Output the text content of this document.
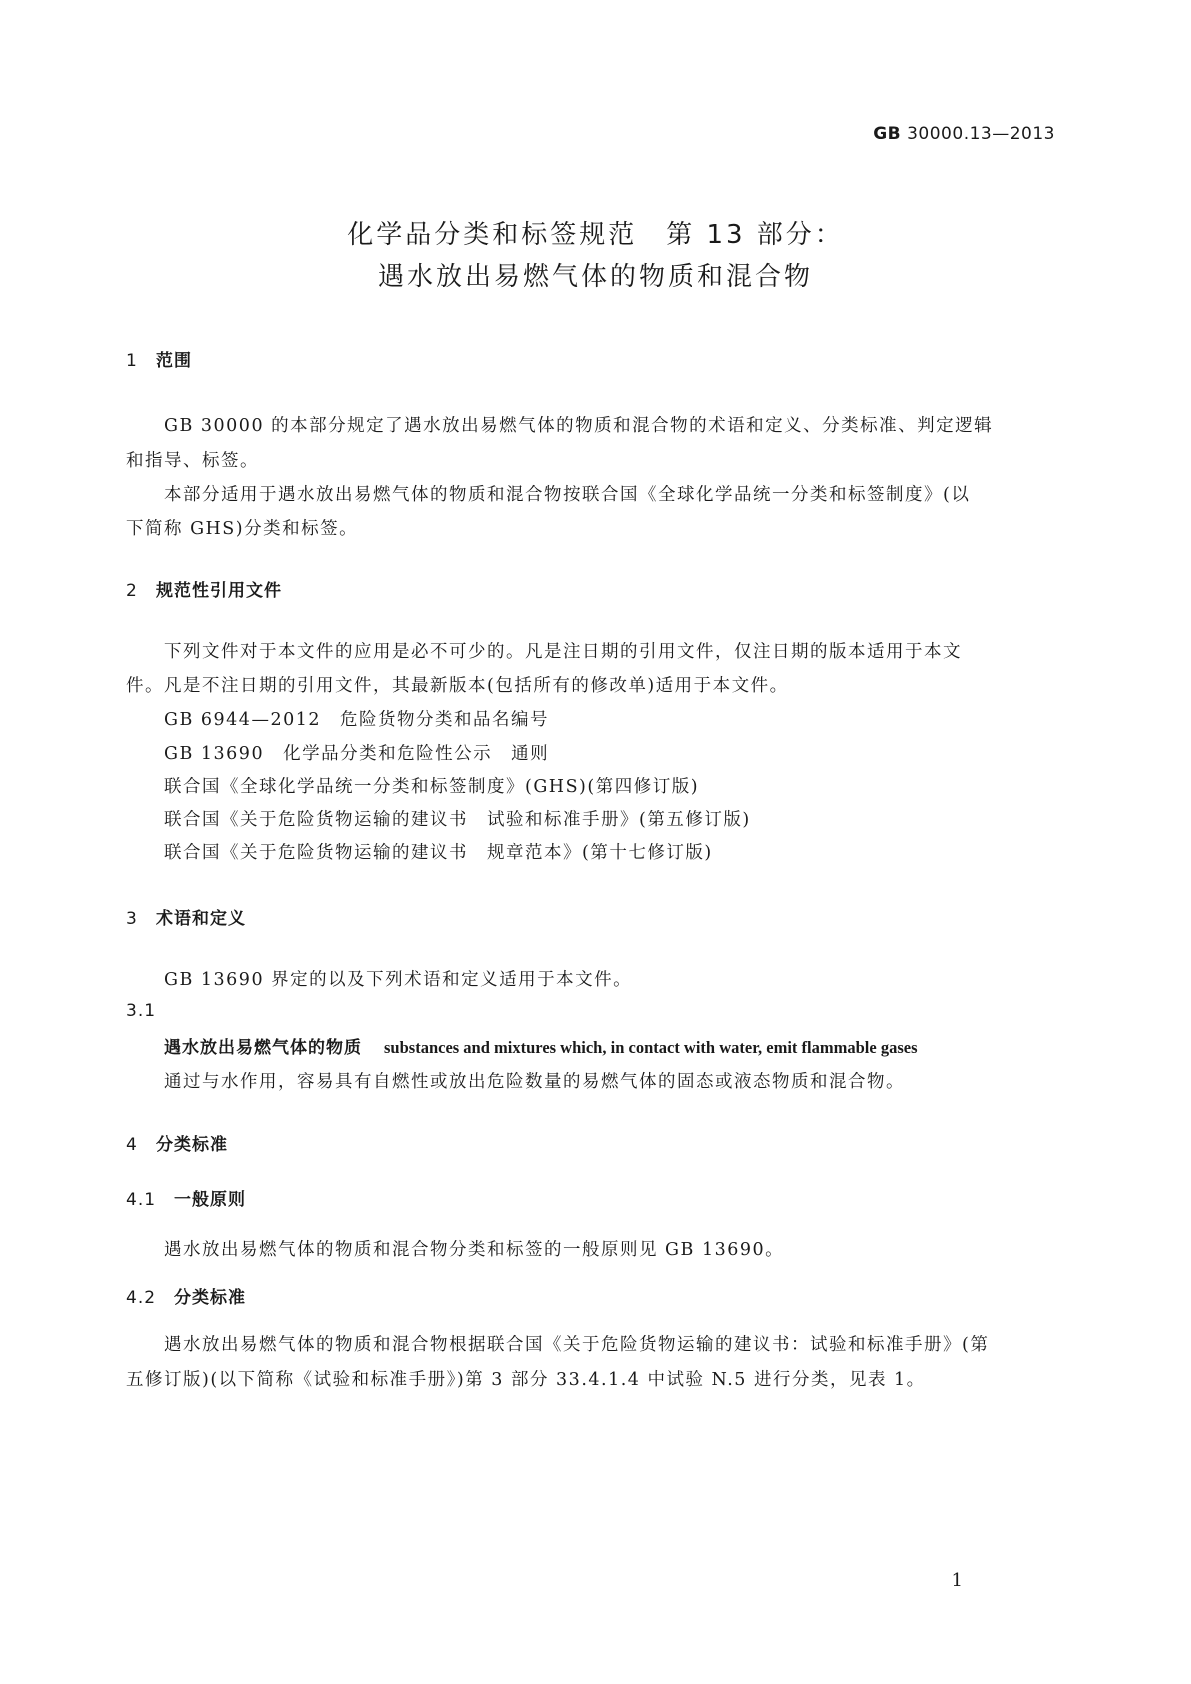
GB 30000.13—2013
化学品分类和标签规范　第 13 部分：
遇水放出易燃气体的物质和混合物
1 范围
GB 30000 的本部分规定了遇水放出易燃气体的物质和混合物的术语和定义、分类标准、判定逻辑
和指导、标签。
本部分适用于遇水放出易燃气体的物质和混合物按联合国《全球化学品统一分类和标签制度》(以
下简称 GHS)分类和标签。
2 规范性引用文件
下列文件对于本文件的应用是必不可少的。凡是注日期的引用文件，仅注日期的版本适用于本文
件。凡是不注日期的引用文件，其最新版本(包括所有的修改单)适用于本文件。
GB 6944—2012　危险货物分类和品名编号
GB 13690　化学品分类和危险性公示　通则
联合国《全球化学品统一分类和标签制度》(GHS)(第四修订版)
联合国《关于危险货物运输的建议书　试验和标准手册》(第五修订版)
联合国《关于危险货物运输的建议书　规章范本》(第十七修订版)
3 术语和定义
GB 13690 界定的以及下列术语和定义适用于本文件。
3.1
遇水放出易燃气体的物质 substances and mixtures which, in contact with water, emit flammable gases
通过与水作用，容易具有自燃性或放出危险数量的易燃气体的固态或液态物质和混合物。
4 分类标准
4.1 一般原则
遇水放出易燃气体的物质和混合物分类和标签的一般原则见 GB 13690。
4.2 分类标准
遇水放出易燃气体的物质和混合物根据联合国《关于危险货物运输的建议书：试验和标准手册》(第
五修订版)(以下简称《试验和标准手册》)第 3 部分 33.4.1.4 中试验 N.5 进行分类，见表 1。
1
